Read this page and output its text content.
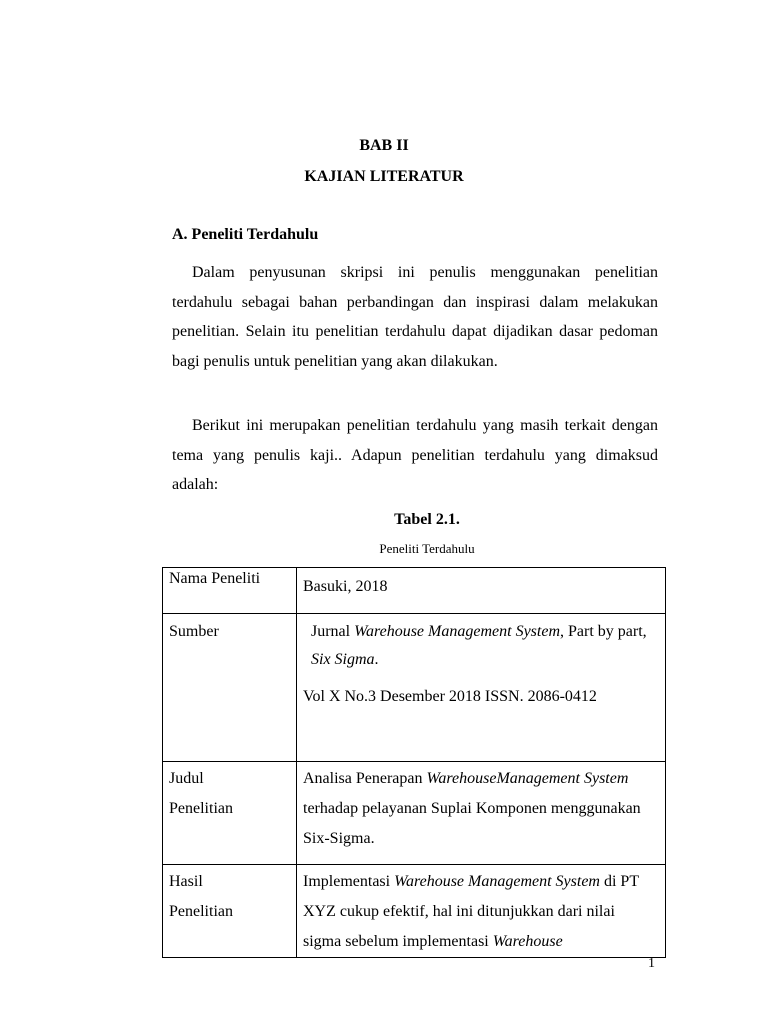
BAB II

KAJIAN LITERATUR

A. Peneliti Terdahulu

Dalam penyusunan skripsi ini penulis menggunakan penelitian terdahulu sebagai bahan perbandingan dan inspirasi dalam melakukan penelitian. Selain itu penelitian terdahulu dapat dijadikan dasar pedoman bagi penulis untuk penelitian yang akan dilakukan.

Berikut ini merupakan penelitian terdahulu yang masih terkait dengan tema yang penulis kaji.. Adapun penelitian terdahulu yang dimaksud adalah:

Tabel 2.1.

Peneliti Terdahulu

Nama Peneliti	Basuki, 2018

Sumber	Jurnal Warehouse Management System, Part by part, Six Sigma.
Vol X No.3 Desember 2018 ISSN. 2086-0412

Judul
Penelitian	Analisa Penerapan WarehouseManagement System terhadap pelayanan Suplai Komponen menggunakan Six-Sigma.

Hasil
Penelitian	Implementasi Warehouse Management System di PT XYZ cukup efektif, hal ini ditunjukkan dari nilai sigma sebelum implementasi Warehouse

1
